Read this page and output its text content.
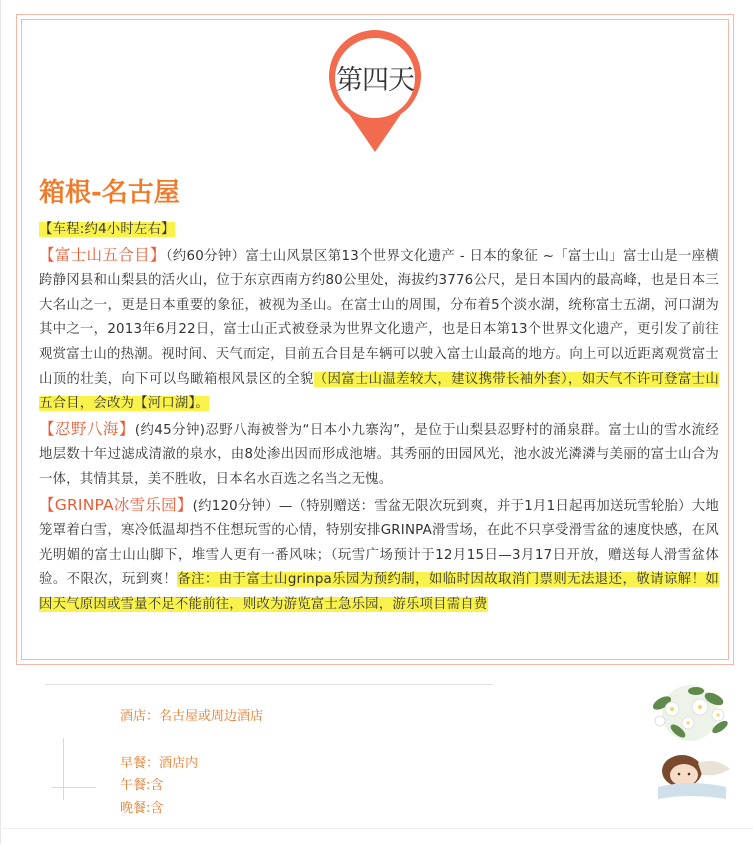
第四天
箱根-名古屋

【车程:约4小时左右】

【富士山五合目】（约60分钟）富士山风景区第13个世界文化遗产 - 日本的象征 ~「富士山」富士山是一座横跨静冈县和山梨县的活火山，位于东京西南方约80公里处，海拔约3776公尺，是日本国内的最高峰，也是日本三大名山之一，更是日本重要的象征，被视为圣山。在富士山的周围，分布着5个淡水湖，统称富士五湖，河口湖为其中之一，2013年6月22日，富士山正式被登录为世界文化遗产，也是日本第13个世界文化遗产，更引发了前往观赏富士山的热潮。视时间、天气而定，目前五合目是车辆可以驶入富士山最高的地方。向上可以近距离观赏富士山顶的壮美，向下可以鸟瞰箱根风景区的全貌（因富士山温差较大，建议携带长袖外套），如天气不许可登富士山五合目，会改为【河口湖】。

【忍野八海】(约45分钟)忍野八海被誉为“日本小九寨沟”，是位于山梨县忍野村的涌泉群。富士山的雪水流经地层数十年过滤成清澈的泉水，由8处渗出因而形成池塘。其秀丽的田园风光，池水波光潾潾与美丽的富士山合为一体，其情其景，美不胜收，日本名水百选之名当之无愧。

【GRINPA冰雪乐园】(约120分钟）—（特别赠送：雪盆无限次玩到爽，并于1月1日起再加送玩雪轮胎）大地笼罩着白雪，寒冷低温却挡不住想玩雪的心情，特别安排GRINPA滑雪场，在此不只享受滑雪盆的速度快感，在风光明媚的富士山山脚下，堆雪人更有一番风味；（玩雪广场预计于12月15日—3月17日开放，赠送每人滑雪盆体验。不限次，玩到爽！备注：由于富士山grinpa乐园为预约制，如临时因故取消门票则无法退还，敬请谅解！如因天气原因或雪量不足不能前往，则改为游览富士急乐园，游乐项目需自费

酒店：名古屋或周边酒店
早餐：酒店内
午餐:含
晚餐:含
